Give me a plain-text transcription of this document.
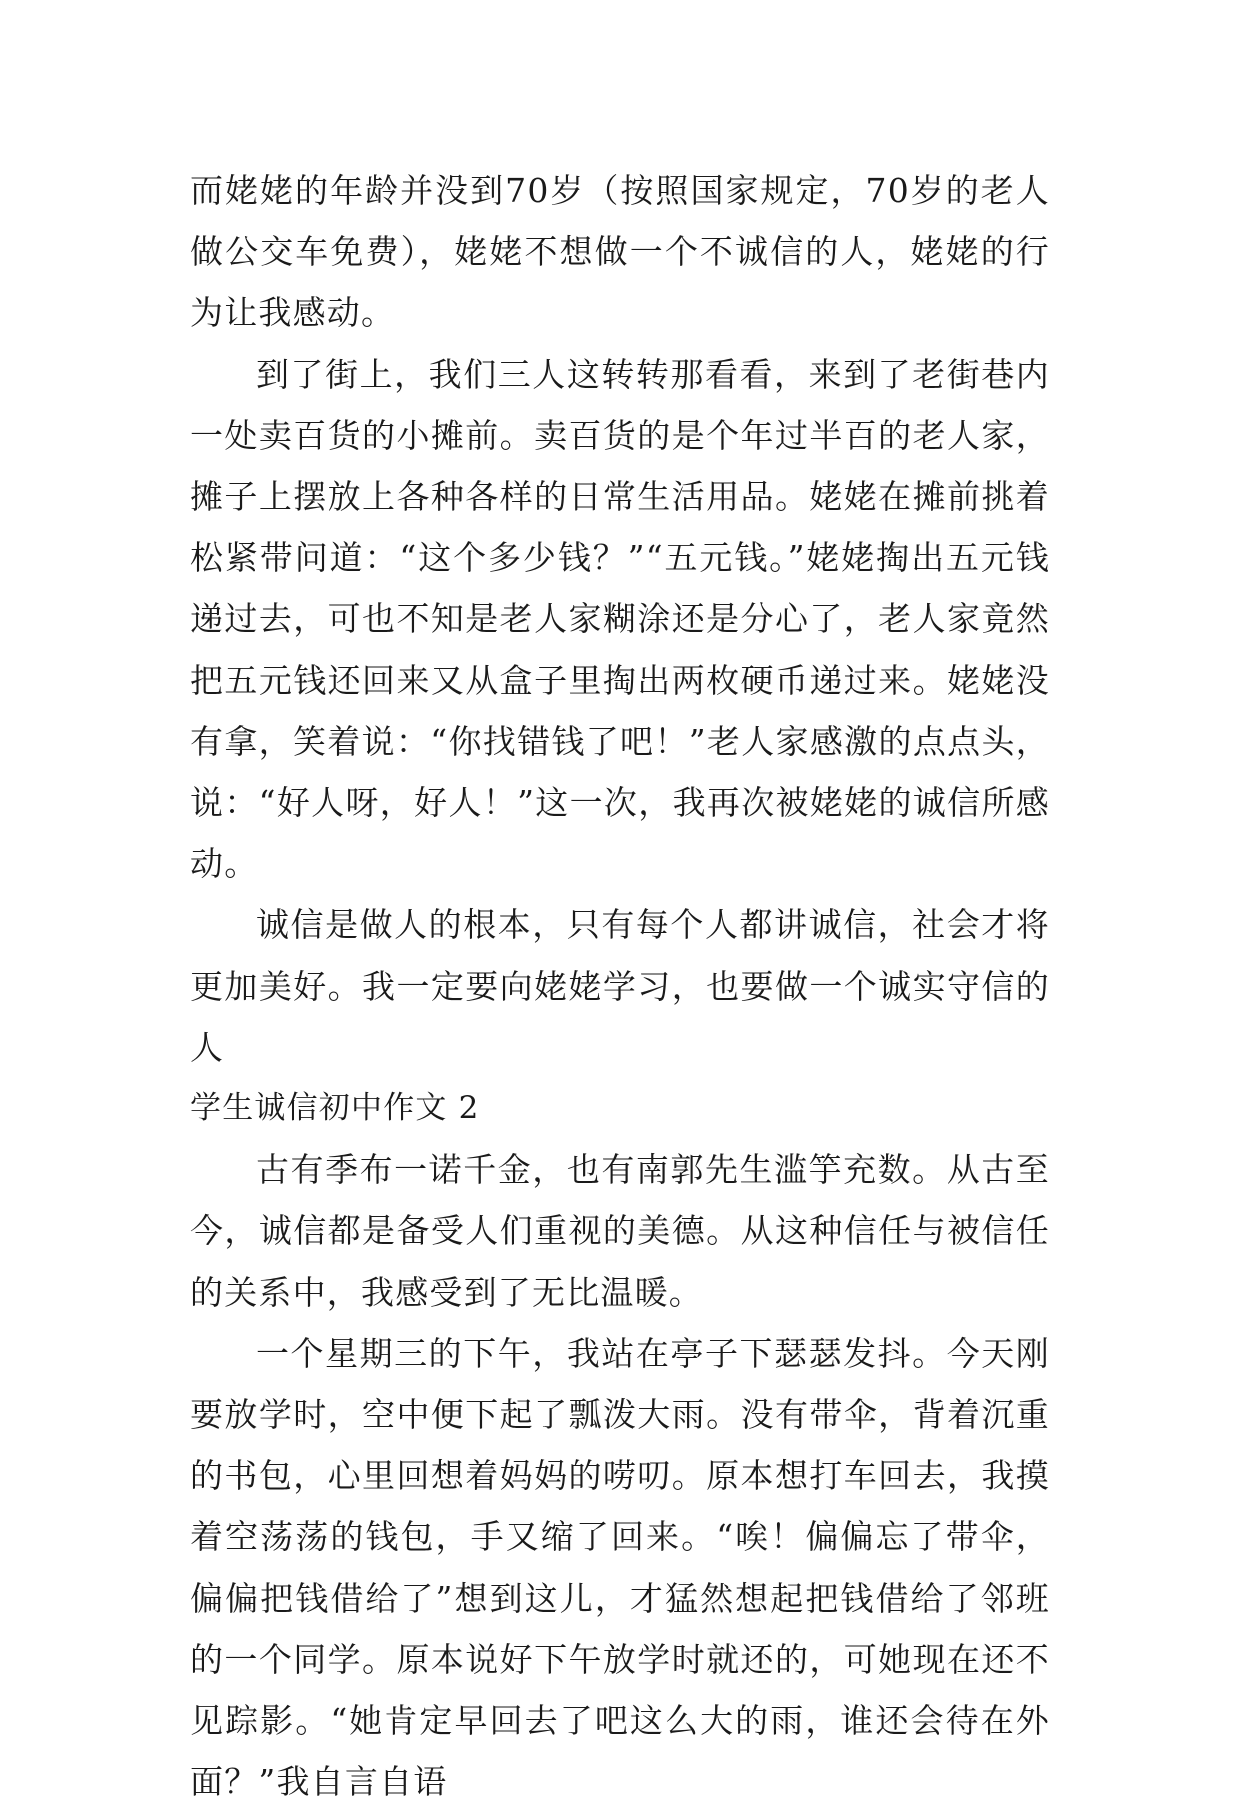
而姥姥的年龄并没到70岁（按照国家规定，70岁的老人做公交车免费），姥姥不想做一个不诚信的人，姥姥的行为让我感动。

到了街上，我们三人这转转那看看，来到了老街巷内一处卖百货的小摊前。卖百货的是个年过半百的老人家，摊子上摆放上各种各样的日常生活用品。姥姥在摊前挑着松紧带问道：“这个多少钱？”“五元钱。”姥姥掏出五元钱递过去，可也不知是老人家糊涂还是分心了，老人家竟然把五元钱还回来又从盒子里掏出两枚硬币递过来。姥姥没有拿，笑着说：“你找错钱了吧！”老人家感激的点点头，说：“好人呀，好人！”这一次，我再次被姥姥的诚信所感动。

诚信是做人的根本，只有每个人都讲诚信，社会才将更加美好。我一定要向姥姥学习，也要做一个诚实守信的人

学生诚信初中作文 2

古有季布一诺千金，也有南郭先生滥竽充数。从古至今，诚信都是备受人们重视的美德。从这种信任与被信任的关系中，我感受到了无比温暖。

一个星期三的下午，我站在亭子下瑟瑟发抖。今天刚要放学时，空中便下起了瓢泼大雨。没有带伞，背着沉重的书包，心里回想着妈妈的唠叨。原本想打车回去，我摸着空荡荡的钱包，手又缩了回来。“唉！偏偏忘了带伞，偏偏把钱借给了”想到这儿，才猛然想起把钱借给了邻班的一个同学。原本说好下午放学时就还的，可她现在还不见踪影。“她肯定早回去了吧这么大的雨，谁还会待在外面？”我自言自语
